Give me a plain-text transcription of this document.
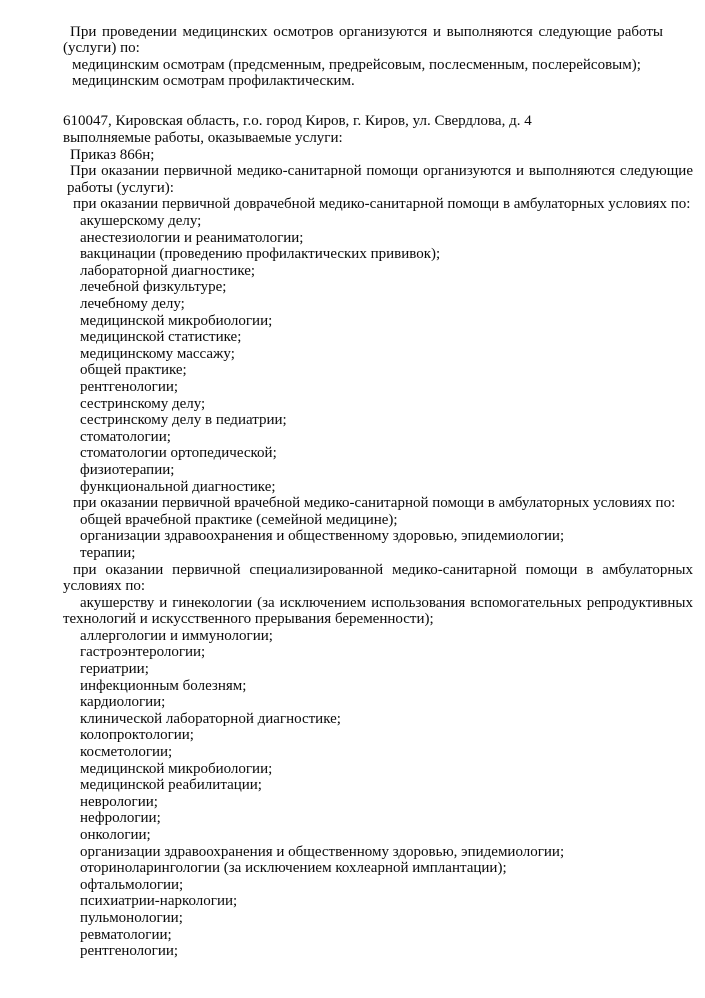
При проведении медицинских осмотров организуются и выполняются следующие работы
(услуги) по:
медицинским осмотрам (предсменным, предрейсовым, послесменным, послерейсовым);
медицинским осмотрам профилактическим.
610047, Кировская область, г.о. город Киров, г. Киров, ул. Свердлова, д. 4
выполняемые работы, оказываемые услуги:
Приказ 866н;
При оказании первичной медико-санитарной помощи организуются и выполняются следующие
работы (услуги):
при оказании первичной доврачебной медико-санитарной помощи в амбулаторных условиях по:
акушерскому делу;
анестезиологии и реаниматологии;
вакцинации (проведению профилактических прививок);
лабораторной диагностике;
лечебной физкультуре;
лечебному делу;
медицинской микробиологии;
медицинской статистике;
медицинскому массажу;
общей практике;
рентгенологии;
сестринскому делу;
сестринскому делу в педиатрии;
стоматологии;
стоматологии ортопедической;
физиотерапии;
функциональной диагностике;
при оказании первичной врачебной медико-санитарной помощи в амбулаторных условиях по:
общей врачебной практике (семейной медицине);
организации здравоохранения и общественному здоровью, эпидемиологии;
терапии;
при оказании первичной специализированной медико-санитарной помощи в амбулаторных
условиях по:
акушерству и гинекологии (за исключением использования вспомогательных репродуктивных
технологий и искусственного прерывания беременности);
аллергологии и иммунологии;
гастроэнтерологии;
гериатрии;
инфекционным болезням;
кардиологии;
клинической лабораторной диагностике;
колопроктологии;
косметологии;
медицинской микробиологии;
медицинской реабилитации;
неврологии;
нефрологии;
онкологии;
организации здравоохранения и общественному здоровью, эпидемиологии;
оториноларингологии (за исключением кохлеарной имплантации);
офтальмологии;
психиатрии-наркологии;
пульмонологии;
ревматологии;
рентгенологии;
